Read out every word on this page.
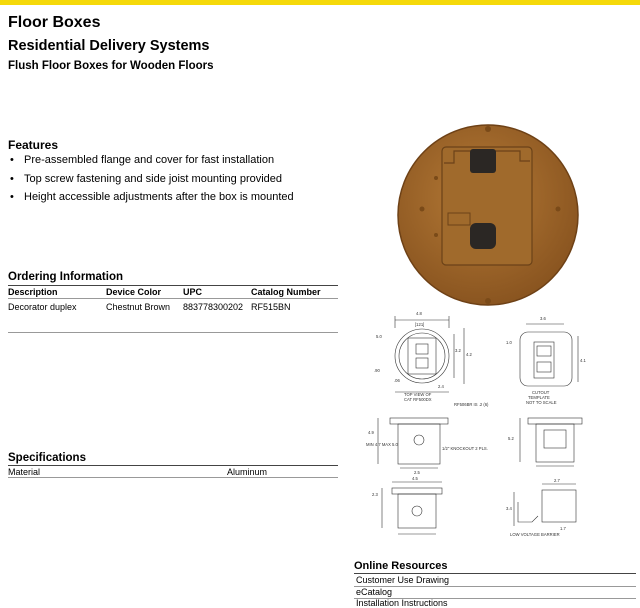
Floor Boxes
Residential Delivery Systems
Flush Floor Boxes for Wooden Floors
Features
• Pre-assembled flange and cover for fast installation
• Top screw fastening and side joist mounting provided
• Height accessible adjustments after the box is mounted
Ordering Information
Description	Device Color UPC	Catalog Number
Decorator duplex	Chestnut Brown 883778300202 RF515BN
Specifications
Material	Aluminum
4.8
[121]
5.0
3.2
4.2
.90
.06
2.4
TOP VIEW OF
CAT RF500DX
3.6
1.0
4.1
CUTOUT
TEMPLATE
NOT TO SCALE
RF506BR IS .2 (6)
4.9
MIN 4.7 MAX 5.0
1/2" KNOCKOUT 2 PLS.
2.5
5.2
4.5
2.3
2.7
3.4
1.7
LOW VOLTAGE BARRIER
Online Resources
Customer Use Drawing
eCatalog
Installation Instructions
